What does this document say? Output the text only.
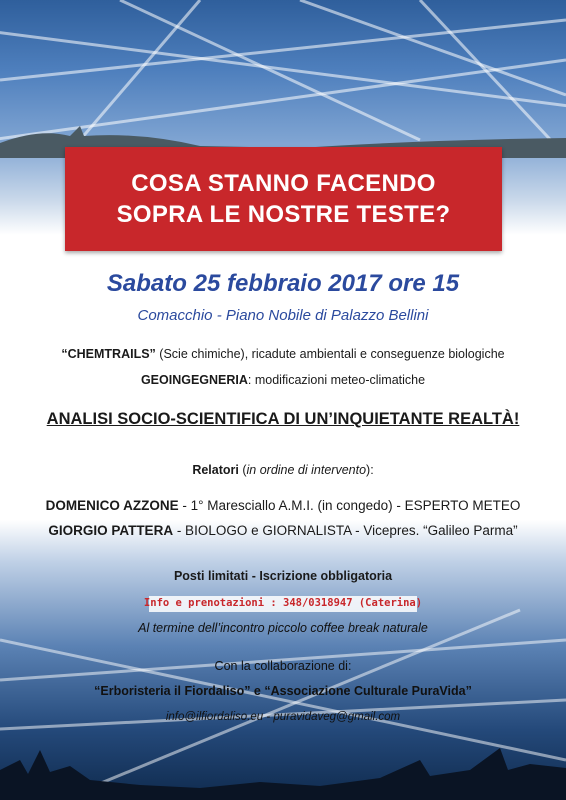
COSA STANNO FACENDO
SOPRA LE NOSTRE TESTE?
Sabato 25 febbraio 2017 ore 15
Comacchio - Piano Nobile di Palazzo Bellini
“CHEMTRAILS” (Scie chimiche), ricadute ambientali e conseguenze biologiche
GEOINGEGNERIA: modificazioni meteo-climatiche
ANALISI SOCIO-SCIENTIFICA DI UN’INQUIETANTE REALTÀ!
Relatori (in ordine di intervento):
DOMENICO AZZONE - 1° Maresciallo A.M.I. (in congedo) - ESPERTO METEO
GIORGIO PATTERA - BIOLOGO e GIORNALISTA - Vicepres. “Galileo Parma”
Posti limitati - Iscrizione obbligatoria
Info e prenotazioni : 348/0318947 (Caterina)
Al termine dell’incontro piccolo coffee break naturale
Con la collaborazione di:
“Erboristeria il Fiordaliso” e “Associazione Culturale PuraVida”
info@ilfiordaliso.eu - puravidaveg@gmail.com
